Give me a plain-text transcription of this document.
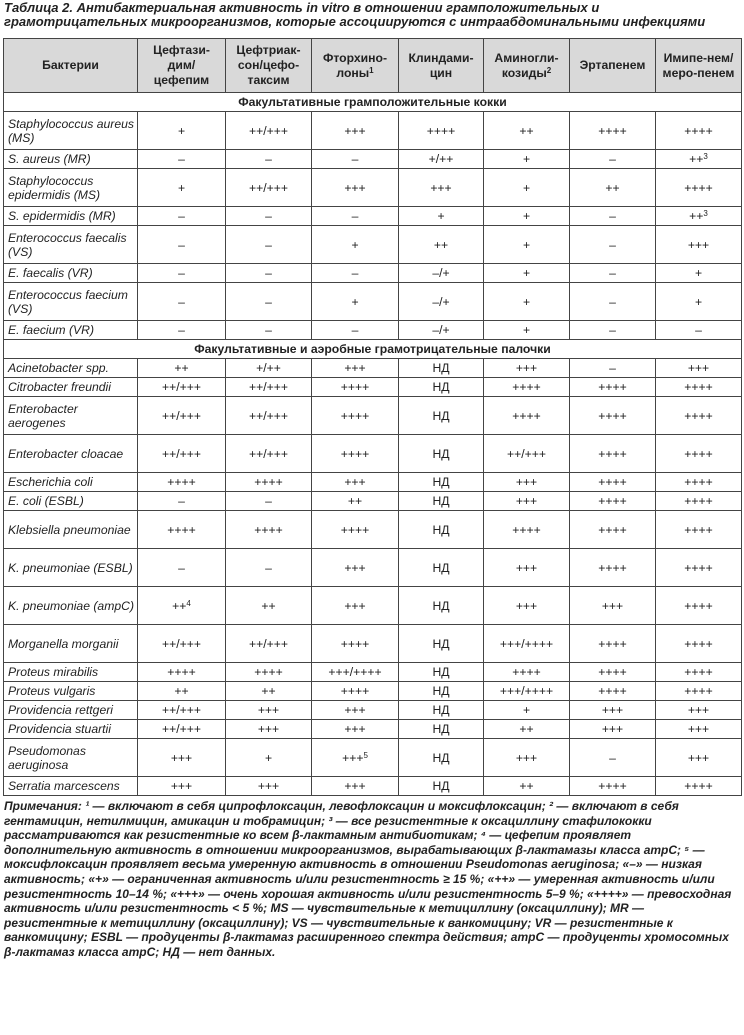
Таблица 2. Антибактериальная активность in vitro в отношении грамположительных и грамотрицательных микроорганизмов, которые ассоциируются с интраабдоминальными инфекциями
Бактерии	Цефтази-дим/цефепим	Цефтриак-сон/цефо-таксим	Фторхино-лоны$^1$	Клиндами-цин	Аминогли-козиды$^2$	Эртапенем	Имипе-нем/меро-пенем
Факультативные грамположительные кокки							
Staphylococcus aureus (MS)	+	++/+++	+++	++++	++	++++	++++
S. aureus (MR)	–	–	–	+/++	+	–	++$^3$
Staphylococcus epidermidis (MS)	+	++/+++	+++	+++	+	++	++++
S. epidermidis (MR)	–	–	–	+	+	–	++$^3$
Enterococcus faecalis (VS)	–	–	+	++	+	–	+++
E. faecalis (VR)	–	–	–	–/+	+	–	+
Enterococcus faecium (VS)	–	–	+	–/+	+	–	+
E. faecium (VR)	–	–	–	–/+	+	–	–
Факультативные и аэробные грамотрицательные палочки							
Acinetobacter spp.	++	+/++	+++	НД	+++	–	+++
Citrobacter freundii	++/+++	++/+++	++++	НД	++++	++++	++++
Enterobacter aerogenes	++/+++	++/+++	++++	НД	++++	++++	++++
Enterobacter cloacae	++/+++	++/+++	++++	НД	++/+++	++++	++++
Escherichia coli	++++	++++	+++	НД	+++	++++	++++
E. coli (ESBL)	–	–	++	НД	+++	++++	++++
Klebsiella pneumoniae	++++	++++	++++	НД	++++	++++	++++
K. pneumoniae (ESBL)	–	–	+++	НД	+++	++++	++++
K. pneumoniae (ampC)	++$^4$	++	+++	НД	+++	+++	++++
Morganella morganii	++/+++	++/+++	++++	НД	+++/++++	++++	++++
Proteus mirabilis	++++	++++	+++/++++	НД	++++	++++	++++
Proteus vulgaris	++	++	++++	НД	+++/++++	++++	++++
Providencia rettgeri	++/+++	+++	+++	НД	+	+++	+++
Providencia stuartii	++/+++	+++	+++	НД	++	+++	+++
Pseudomonas aeruginosa	+++	+	+++$^5$	НД	+++	–	+++
Serratia marcescens	+++	+++	+++	НД	++	++++	++++
Примечания: ¹ — включают в себя ципрофлоксацин, левофлоксацин и моксифлоксацин; ² — включают в себя гентамицин, нетилмицин, амикацин и тобрамицин; ³ — все резистентные к оксациллину стафилококки рассматриваются как резистентные ко всем β-лактамным антибиотикам; ⁴ — цефепим проявляет дополнительную активность в отношении микроорганизмов, вырабатывающих β-лактамазы класса ampC; ⁵ — моксифлоксацин проявляет весьма умеренную активность в отношении Pseudomonas aeruginosa; «–» — низкая активность; «+» — ограниченная активность и/или резистентность ≥ 15 %; «++» — умеренная активность и/или резистентность 10–14 %; «+++» — очень хорошая активность и/или резистентность 5–9 %; «++++» — превосходная активность и/или резистентность < 5 %; MS — чувствительные к метициллину (оксациллину); MR — резистентные к метициллину (оксациллину); VS — чувствительные к ванкомицину; VR — резистентные к ванкомицину; ESBL — продуценты β-лактамаз расширенного спектра действия; ampC — продуценты хромосомных β-лактамаз класса ampC; НД — нет данных.
